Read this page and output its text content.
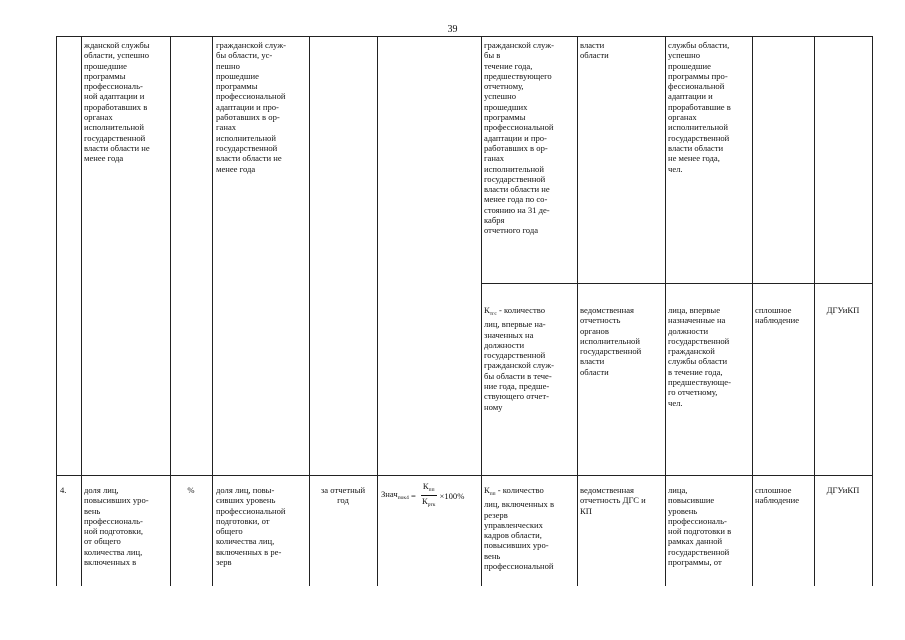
39
жданской службы
области, успешно
прошедшие
программы
профессиональ-
ной адаптации и
проработавших в
органах
исполнительной
государственной
власти области не
менее года
гражданской служ-
бы области, ус-
пешно
прошедшие
программы
профессиональной
адаптации и про-
работавших в ор-
ганах
исполнительной
государственной
власти области не
менее года
гражданской служ-
бы в
течение года,
предшествующего
отчетному,
успешно
прошедших
программы
профессиональной
адаптации и про-
работавших в ор-
ганах
исполнительной
государственной
власти области не
менее года по со-
стоянию на 31 де-
кабря
отчетного года
власти
области
службы области,
успешно
прошедшие
программы про-
фессиональной
адаптации и
проработавшие в
органах
исполнительной
государственной
власти области
не менее года,
чел.
$К_{тгс}$ - количество
лиц, впервые на-
значенных на
должности
государственной
гражданской служ-
бы области в тече-
ние года, предше-
ствующего отчет-
ному
ведомственная
отчетность
органов
исполнительной
государственной
власти
области
лица, впервые
назначенные на
должности
государственной
гражданской
службы области
в течение года,
предшествующе-
го отчетному,
чел.
сплошное
наблюдение
ДГУиКП
4.	доля лиц,
повысивших уро-
вень
профессиональ-
ной подготовки,
от общего
количества лиц,
включенных в
%	доля лиц, повы-
сивших уровень
профессиональной
подготовки, от
общего
количества лиц,
включенных в ре-
зерв
за отчетный
год
Знач$_{пок4}$ = $\frac{К_{пп}}{К_{ртк}} \times 100\%$
$К_{пп}$ - количество
лиц, включенных в
резерв
управленческих
кадров области,
повысивших уро-
вень
профессиональной
ведомственная
отчетность ДГС и
КП
лица,
повысившие
уровень
профессиональ-
ной подготовки в
рамках данной
государственной
программы, от
сплошное
наблюдение
ДГУиКП
